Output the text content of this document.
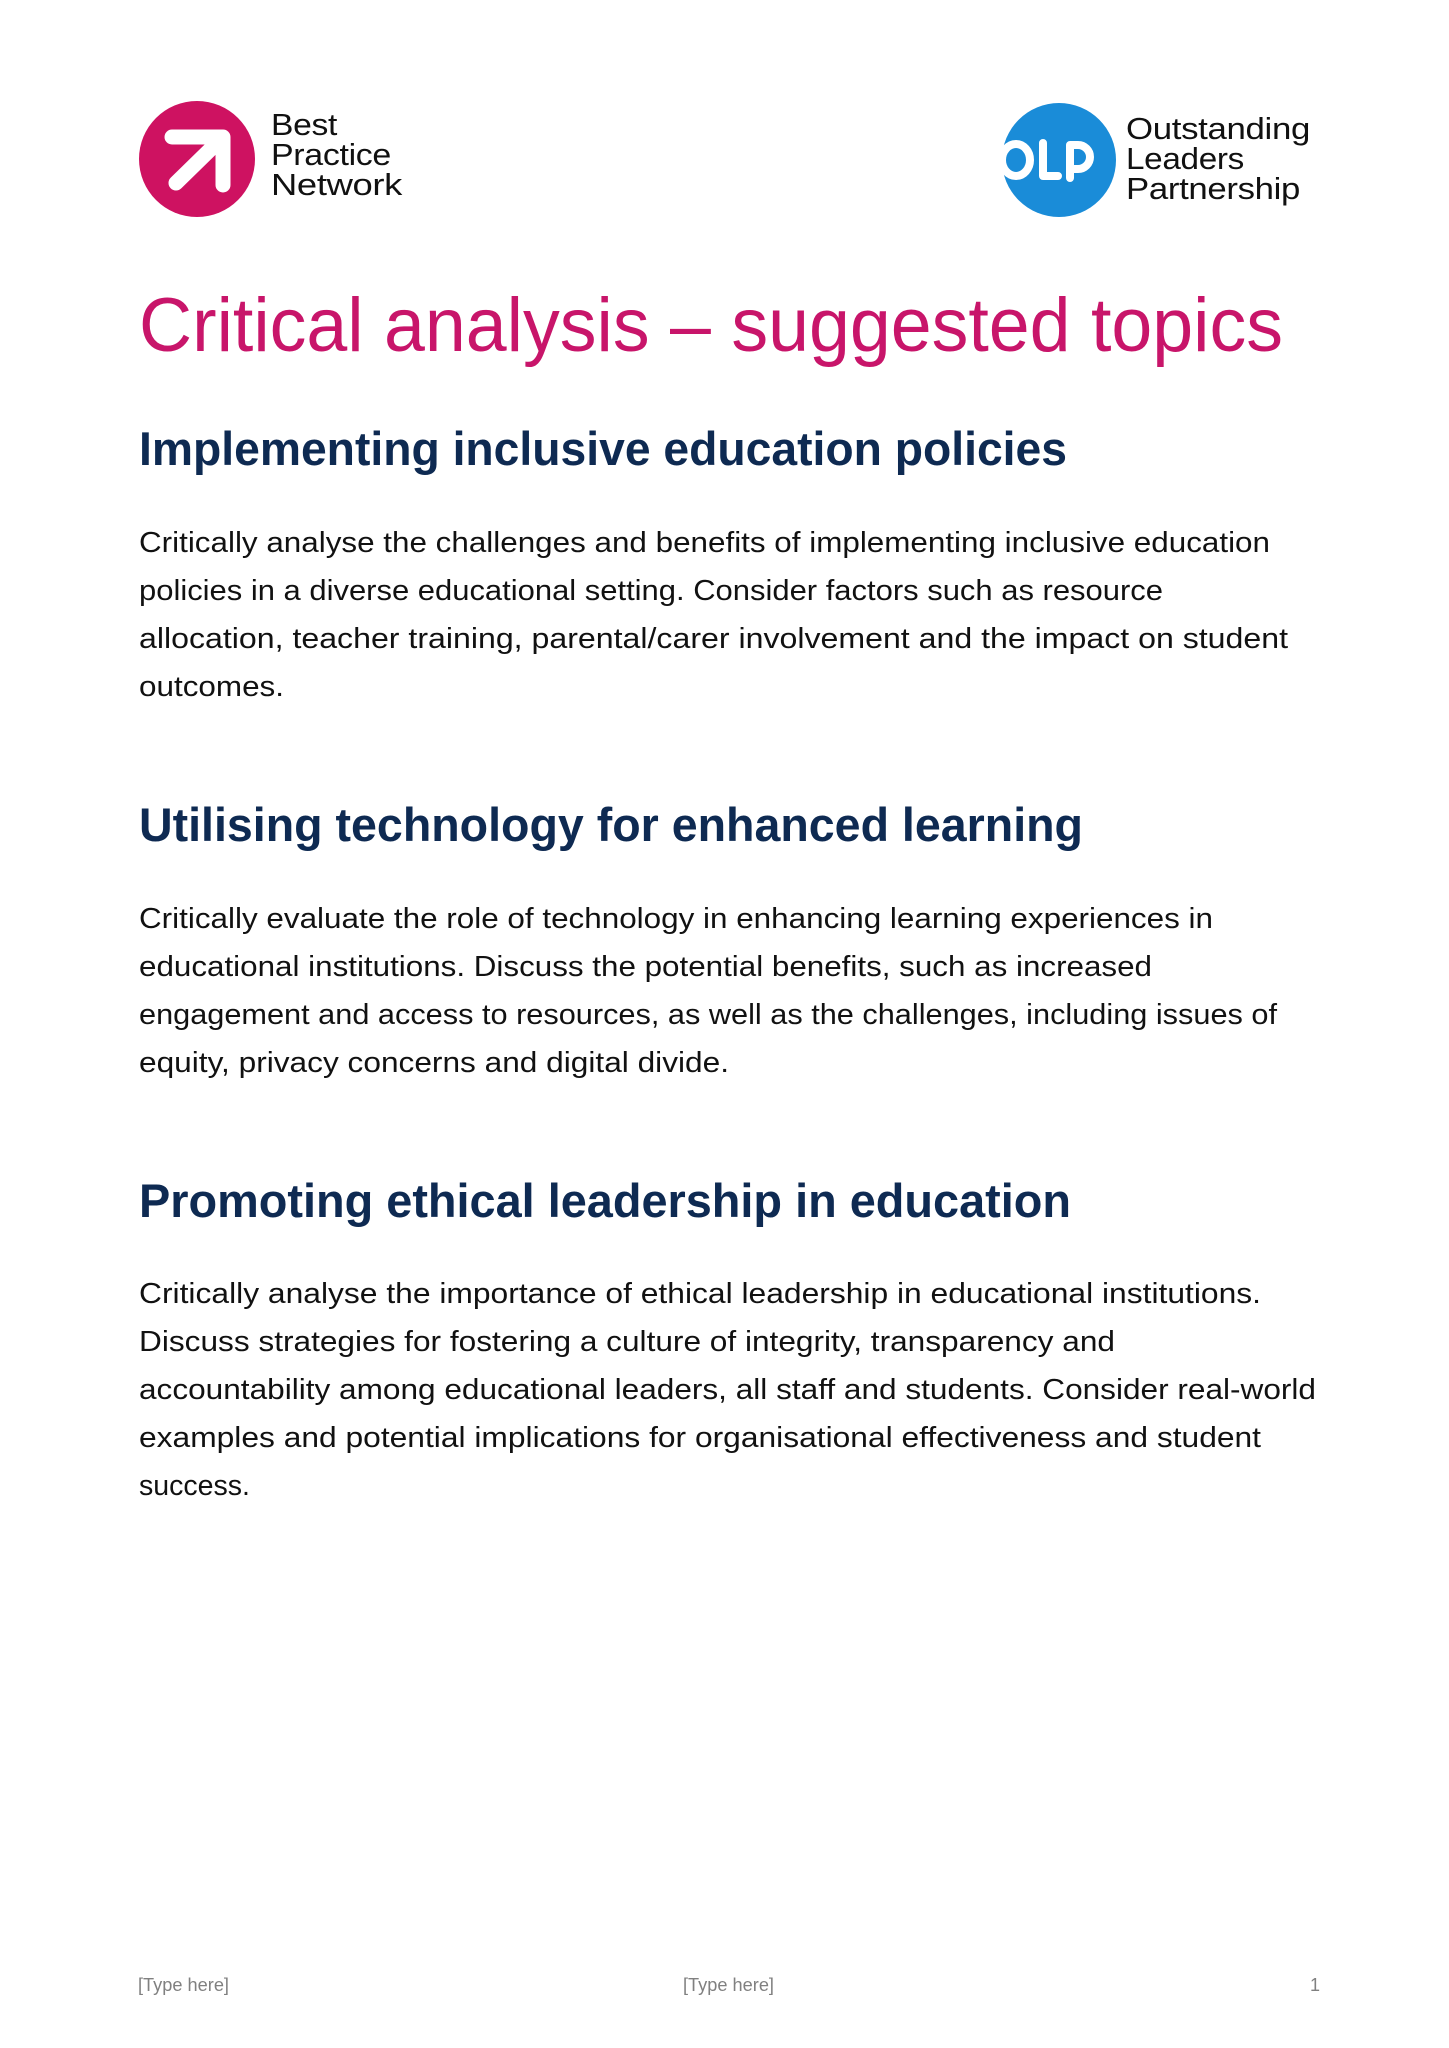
Best
Practice
Network
Outstanding
Leaders
Partnership
Critical analysis – suggested topics
Implementing inclusive education policies
Critically analyse the challenges and benefits of implementing inclusive education
policies in a diverse educational setting. Consider factors such as resource
allocation, teacher training, parental/carer involvement and the impact on student
outcomes.
Utilising technology for enhanced learning
Critically evaluate the role of technology in enhancing learning experiences in
educational institutions. Discuss the potential benefits, such as increased
engagement and access to resources, as well as the challenges, including issues of
equity, privacy concerns and digital divide.
Promoting ethical leadership in education
Critically analyse the importance of ethical leadership in educational institutions.
Discuss strategies for fostering a culture of integrity, transparency and
accountability among educational leaders, all staff and students. Consider real-world
examples and potential implications for organisational effectiveness and student
success.
[Type here]	[Type here]	1
